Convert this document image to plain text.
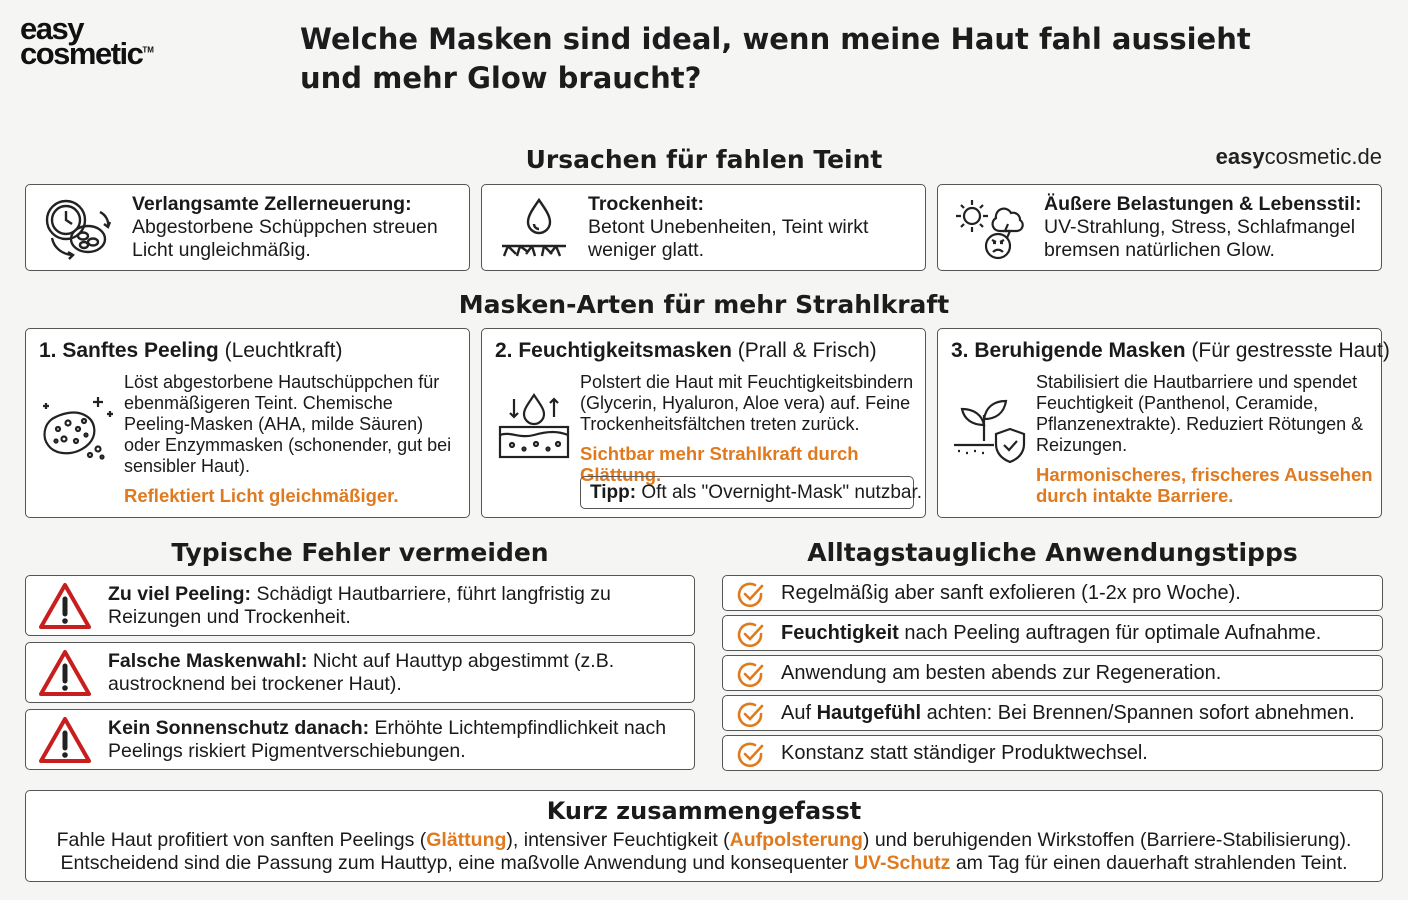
easy
cosmetic™	Welche Masken sind ideal, wenn meine Haut fahl aussieht und mehr Glow braucht?
easycosmetic.de
Ursachen für fahlen Teint
Verlangsamte Zellerneuerung:
Abgestorbene Schüppchen streuen Licht ungleichmäßig.
Trockenheit:
Betont Unebenheiten, Teint wirkt weniger glatt.
Äußere Belastungen & Lebensstil:
UV-Strahlung, Stress, Schlafmangel bremsen natürlichen Glow.
Masken-Arten für mehr Strahlkraft
1. Sanftes Peeling (Leuchtkraft)
Löst abgestorbene Hautschüppchen für ebenmäßigeren Teint. Chemische Peeling-Masken (AHA, milde Säuren) oder Enzymmasken (schonender, gut bei sensibler Haut).
Reflektiert Licht gleichmäßiger.
2. Feuchtigkeitsmasken (Prall & Frisch)
Polstert die Haut mit Feuchtigkeitsbindern (Glycerin, Hyaluron, Aloe vera) auf. Feine Trockenheitsfältchen treten zurück.
Sichtbar mehr Strahlkraft durch Glättung.
Tipp: Oft als "Overnight-Mask" nutzbar.
3. Beruhigende Masken (Für gestresste Haut)
Stabilisiert die Hautbarriere und spendet Feuchtigkeit (Panthenol, Ceramide, Pflanzenextrakte). Reduziert Rötungen & Reizungen.
Harmonischeres, frischeres Aussehen durch intakte Barriere.
Typische Fehler vermeiden
Zu viel Peeling: Schädigt Hautbarriere, führt langfristig zu Reizungen und Trockenheit.
Falsche Maskenwahl: Nicht auf Hauttyp abgestimmt (z.B. austrocknend bei trockener Haut).
Kein Sonnenschutz danach: Erhöhte Lichtempfindlichkeit nach Peelings riskiert Pigmentverschiebungen.
Alltagstaugliche Anwendungstipps
Regelmäßig aber sanft exfolieren (1-2x pro Woche).
Feuchtigkeit nach Peeling auftragen für optimale Aufnahme.
Anwendung am besten abends zur Regeneration.
Auf Hautgefühl achten: Bei Brennen/Spannen sofort abnehmen.
Konstanz statt ständiger Produktwechsel.
Kurz zusammengefasst
Fahle Haut profitiert von sanften Peelings (Glättung), intensiver Feuchtigkeit (Aufpolsterung) und beruhigenden Wirkstoffen (Barriere-Stabilisierung).
Entscheidend sind die Passung zum Hauttyp, eine maßvolle Anwendung und konsequenter UV-Schutz am Tag für einen dauerhaft strahlenden Teint.
